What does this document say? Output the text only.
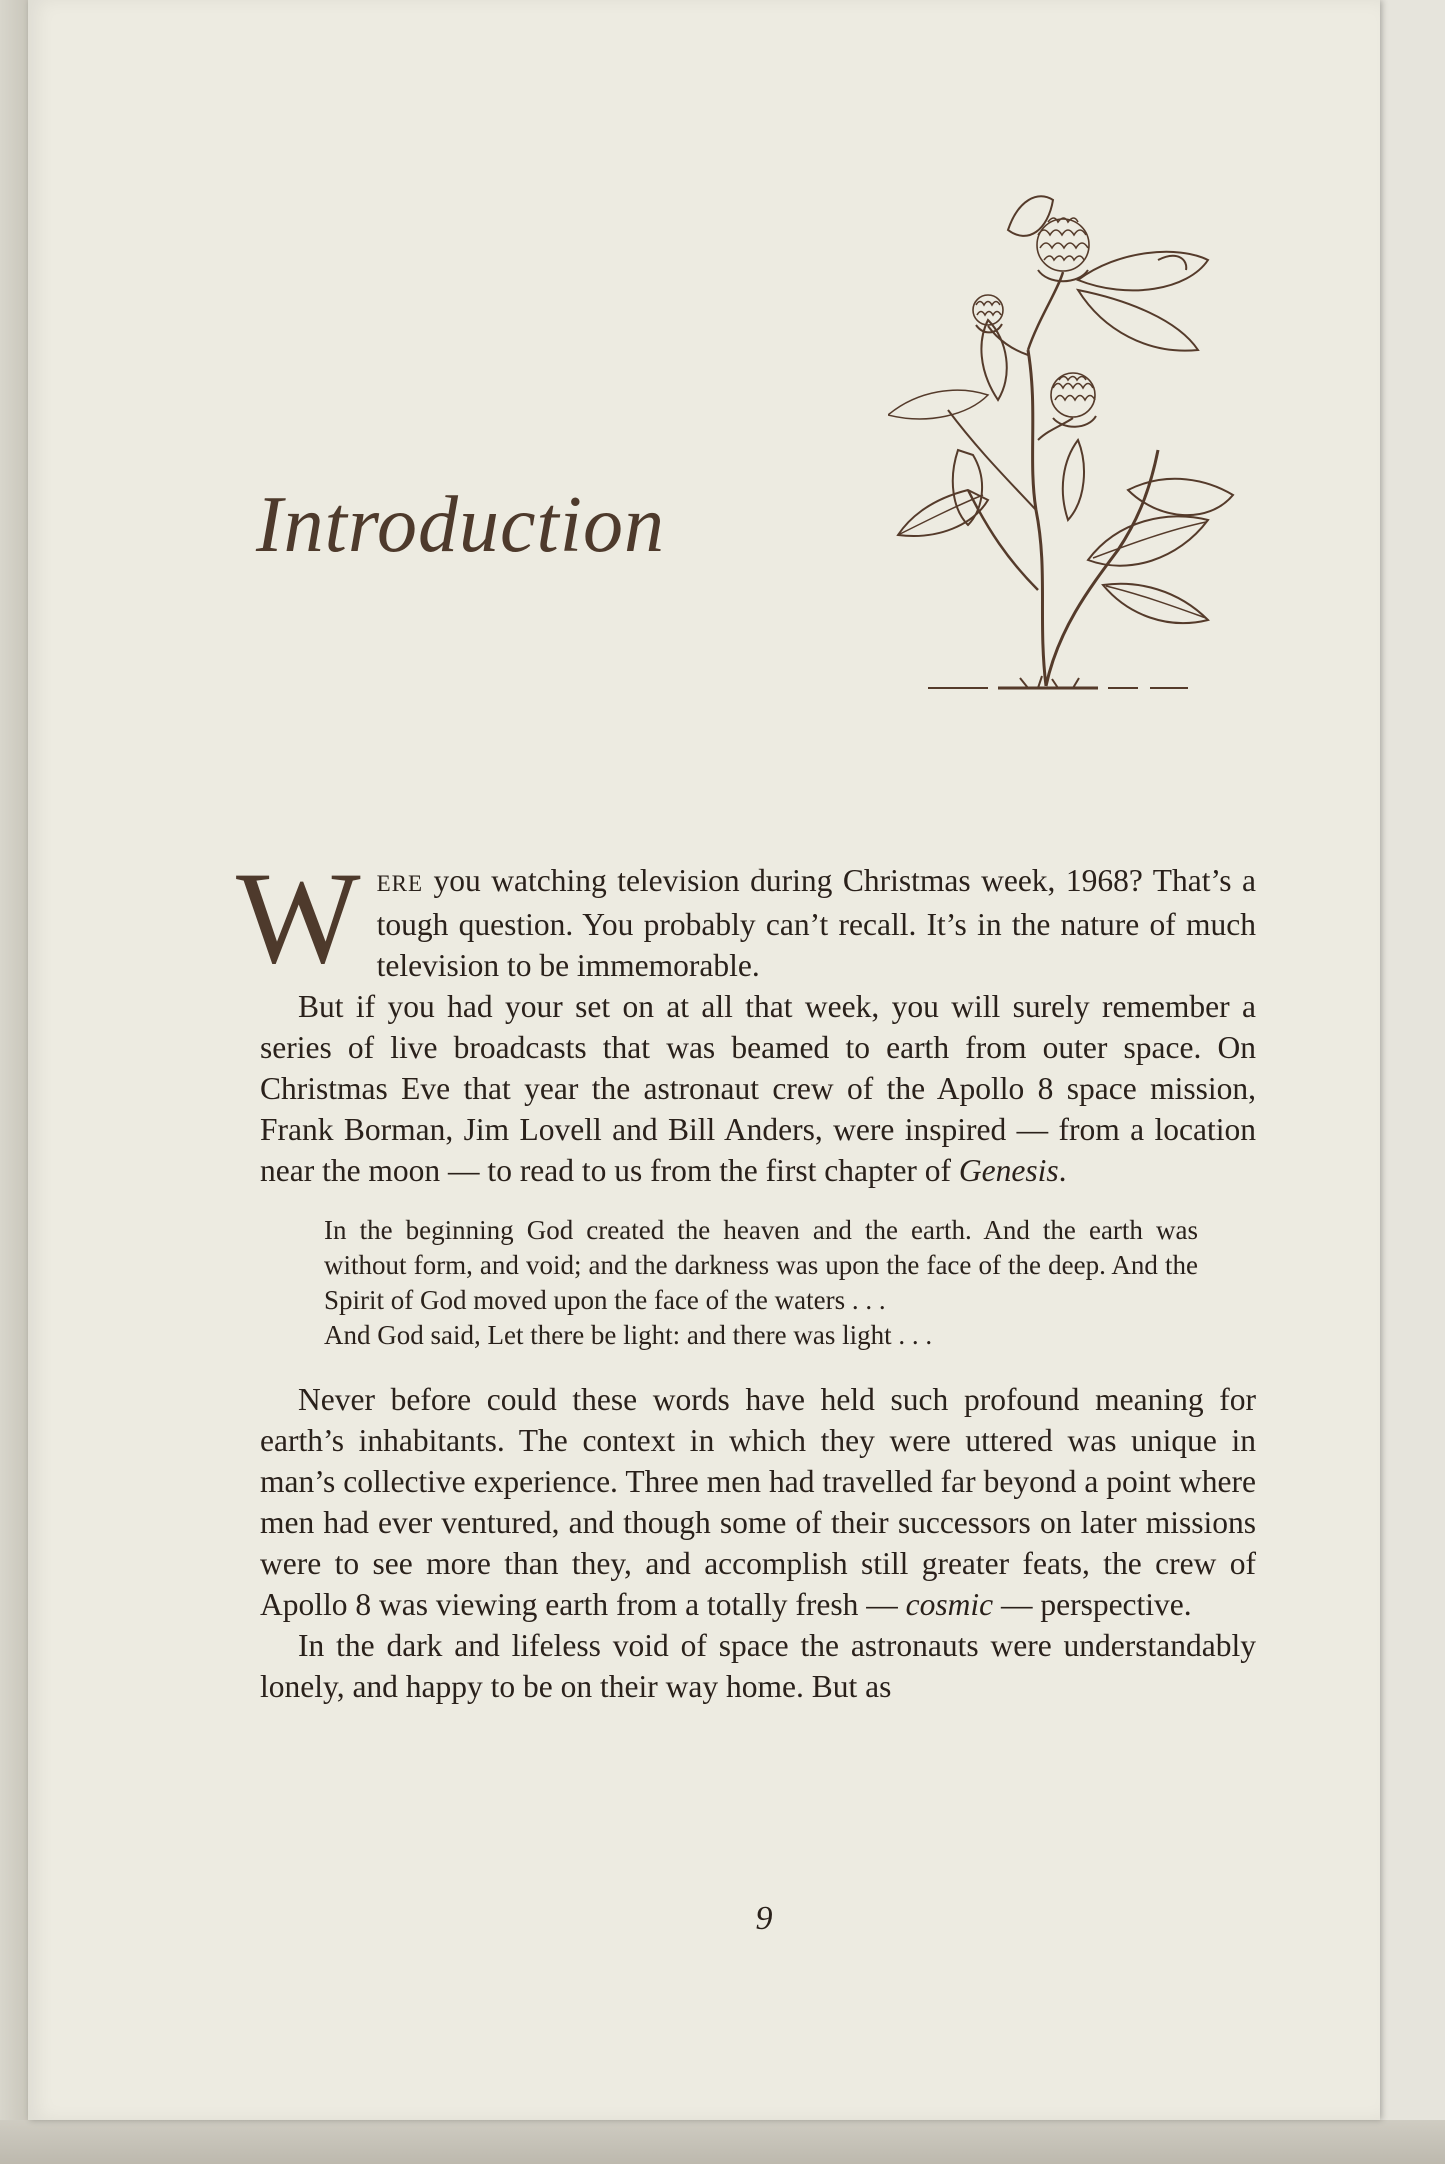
Introduction

WERE you watching television during Christmas week, 1968? That’s a tough question. You probably can’t recall. It’s in the nature of much television to be immemorable.

But if you had your set on at all that week, you will surely remember a series of live broadcasts that was beamed to earth from outer space. On Christmas Eve that year the astronaut crew of the Apollo 8 space mission, Frank Borman, Jim Lovell and Bill Anders, were inspired — from a location near the moon — to read to us from the first chapter of Genesis.

In the beginning God created the heaven and the earth. And the earth was without form, and void; and the darkness was upon the face of the deep. And the Spirit of God moved upon the face of the waters . . .

And God said, Let there be light: and there was light . . .

Never before could these words have held such profound meaning for earth’s inhabitants. The context in which they were uttered was unique in man’s collective experience. Three men had travelled far beyond a point where men had ever ventured, and though some of their successors on later missions were to see more than they, and accomplish still greater feats, the crew of Apollo 8 was viewing earth from a totally fresh — cosmic — perspective.

In the dark and lifeless void of space the astronauts were understandably lonely, and happy to be on their way home. But as

9
